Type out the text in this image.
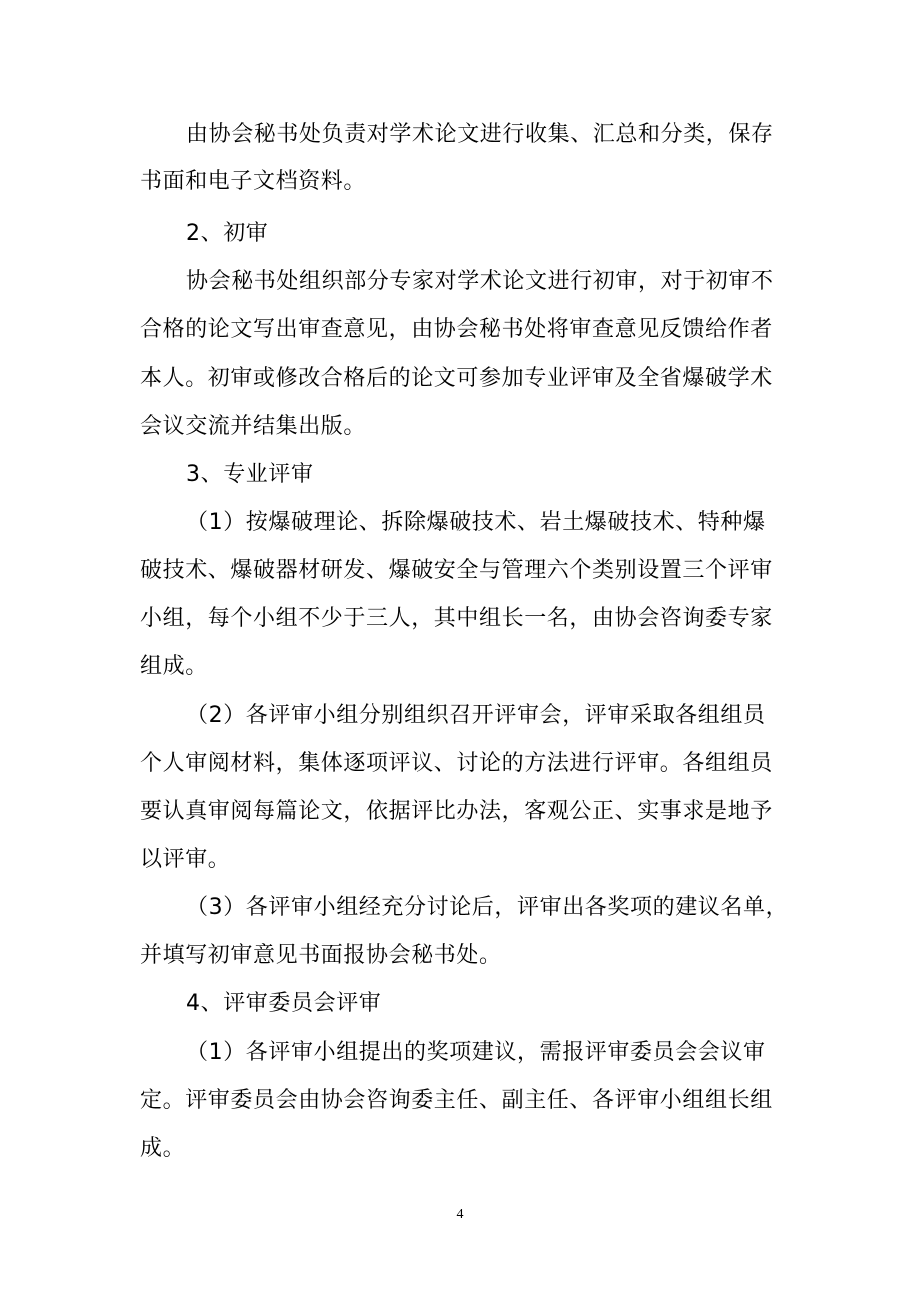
由协会秘书处负责对学术论文进行收集、汇总和分类，保存
书面和电子文档资料。
2、初审
协会秘书处组织部分专家对学术论文进行初审，对于初审不
合格的论文写出审查意见，由协会秘书处将审查意见反馈给作者
本人。初审或修改合格后的论文可参加专业评审及全省爆破学术
会议交流并结集出版。
3、专业评审
（1）按爆破理论、拆除爆破技术、岩土爆破技术、特种爆
破技术、爆破器材研发、爆破安全与管理六个类别设置三个评审
小组，每个小组不少于三人，其中组长一名，由协会咨询委专家
组成。
（2）各评审小组分别组织召开评审会，评审采取各组组员
个人审阅材料，集体逐项评议、讨论的方法进行评审。各组组员
要认真审阅每篇论文，依据评比办法，客观公正、实事求是地予
以评审。
（3）各评审小组经充分讨论后，评审出各奖项的建议名单，
并填写初审意见书面报协会秘书处。
4、评审委员会评审
（1）各评审小组提出的奖项建议，需报评审委员会会议审
定。评审委员会由协会咨询委主任、副主任、各评审小组组长组
成。
4
